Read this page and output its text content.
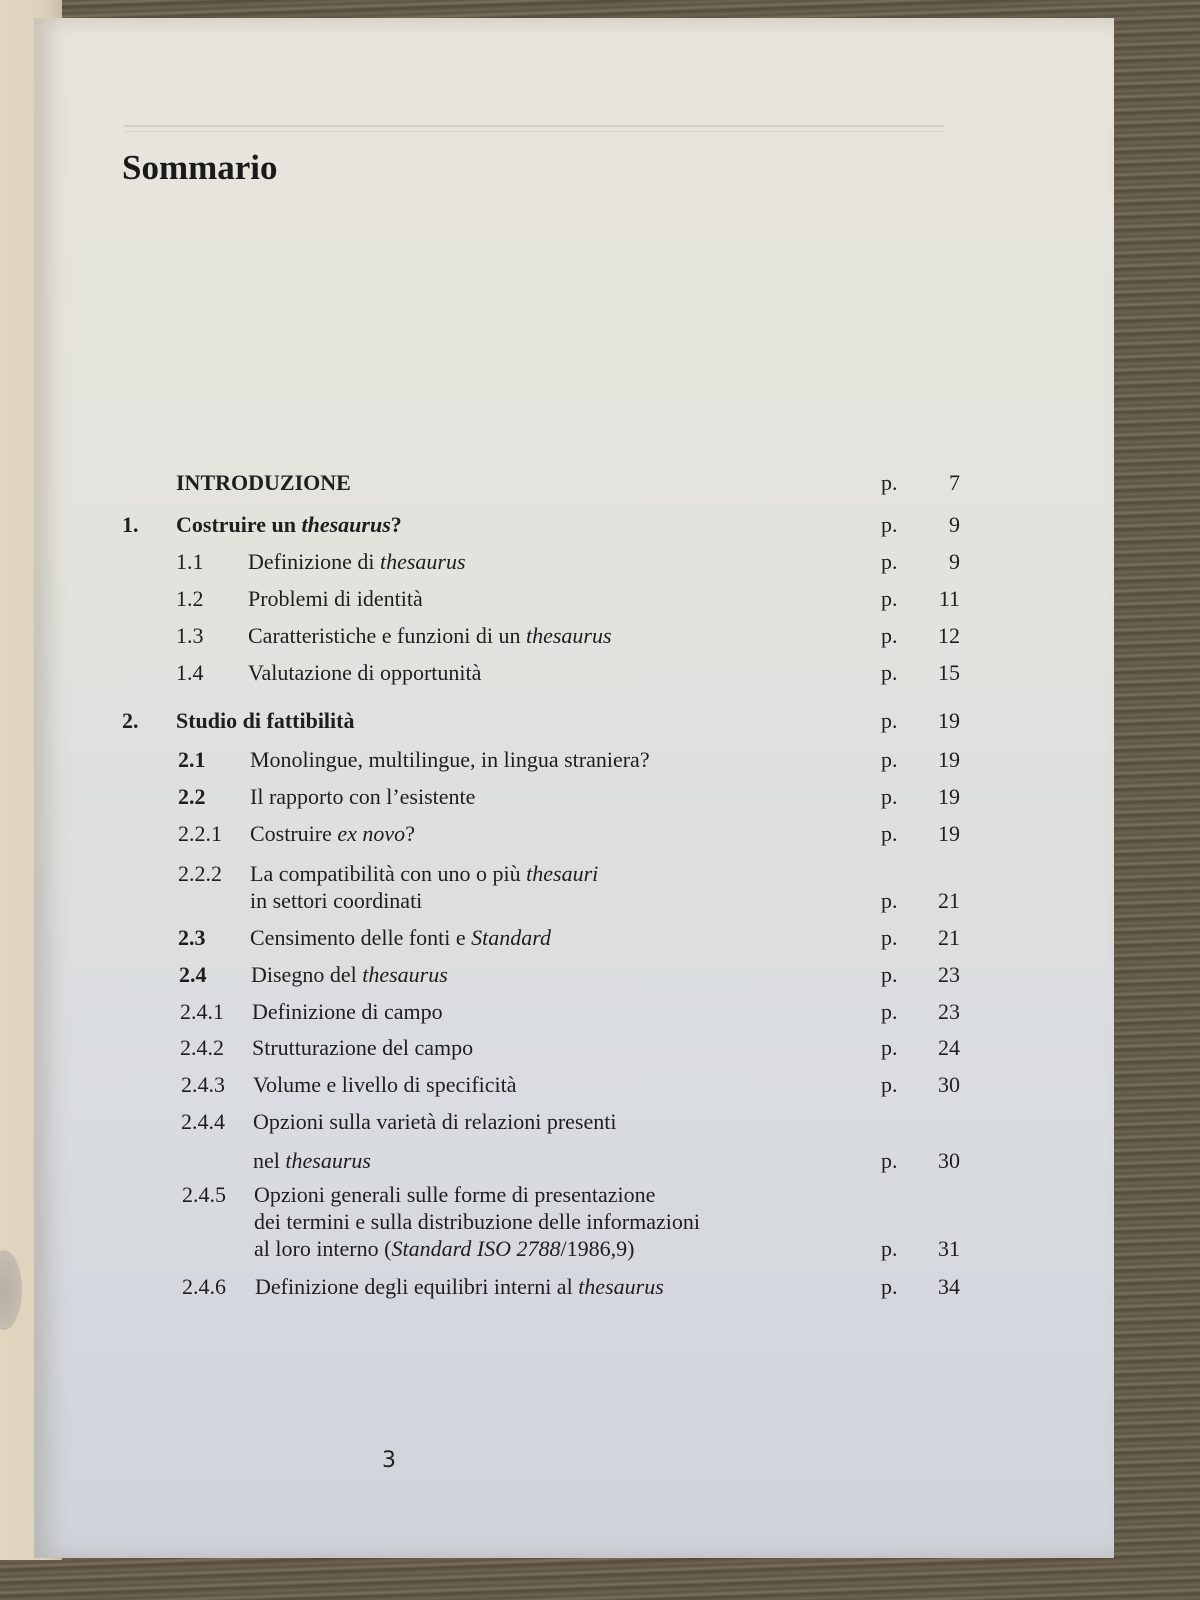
Sommario
INTRODUZIONE	p.	7
1. Costruire un thesaurus?	p.	9
1.1 Definizione di thesaurus	p.	9
1.2 Problemi di identità	p.	11
1.3 Caratteristiche e funzioni di un thesaurus	p.	12
1.4 Valutazione di opportunità	p.	15
2. Studio di fattibilità	p.	19
2.1 Monolingue, multilingue, in lingua straniera?	p.	19
2.2 Il rapporto con l’esistente	p.	19
2.2.1 Costruire ex novo?	p.	19
2.2.2 La compatibilità con uno o più thesauri
in settori coordinati	p.	21
2.3 Censimento delle fonti e Standard	p.	21
2.4 Disegno del thesaurus	p.	23
2.4.1 Definizione di campo	p.	23
2.4.2 Strutturazione del campo	p.	24
2.4.3 Volume e livello di specificità	p.	30
2.4.4 Opzioni sulla varietà di relazioni presenti
nel thesaurus	p.	30
2.4.5 Opzioni generali sulle forme di presentazione
dei termini e sulla distribuzione delle informazioni
al loro interno (Standard ISO 2788/1986,9)	p.	31
2.4.6 Definizione degli equilibri interni al thesaurus	p.	34
3
